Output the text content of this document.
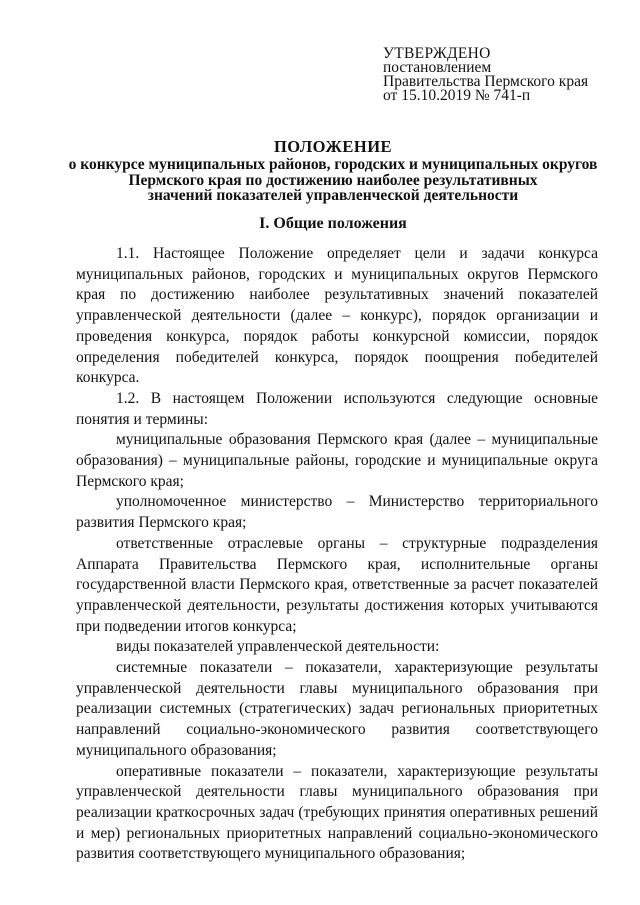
УТВЕРЖДЕНО
постановлением
Правительства Пермского края
от 15.10.2019 № 741-п
ПОЛОЖЕНИЕ
о конкурсе муниципальных районов, городских и муниципальных округов
Пермского края по достижению наиболее результативных
значений показателей управленческой деятельности
I. Общие положения

1.1. Настоящее Положение определяет цели и задачи конкурса муниципальных районов, городских и муниципальных округов Пермского края по достижению наиболее результативных значений показателей управленческой деятельности (далее – конкурс), порядок организации и проведения конкурса, порядок работы конкурсной комиссии, порядок определения победителей конкурса, порядок поощрения победителей конкурса.

1.2. В настоящем Положении используются следующие основные понятия и термины:

муниципальные образования Пермского края (далее – муниципальные образования) – муниципальные районы, городские и муниципальные округа Пермского края;

уполномоченное министерство – Министерство территориального развития Пермского края;

ответственные отраслевые органы – структурные подразделения Аппарата Правительства Пермского края, исполнительные органы государственной власти Пермского края, ответственные за расчет показателей управленческой деятельности, результаты достижения которых учитываются при подведении итогов конкурса;

виды показателей управленческой деятельности:

системные показатели – показатели, характеризующие результаты управленческой деятельности главы муниципального образования при реализации системных (стратегических) задач региональных приоритетных направлений социально-экономического развития соответствующего муниципального образования;

оперативные показатели – показатели, характеризующие результаты управленческой деятельности главы муниципального образования при реализации краткосрочных задач (требующих принятия оперативных решений и мер) региональных приоритетных направлений социально-экономического развития соответствующего муниципального образования;
